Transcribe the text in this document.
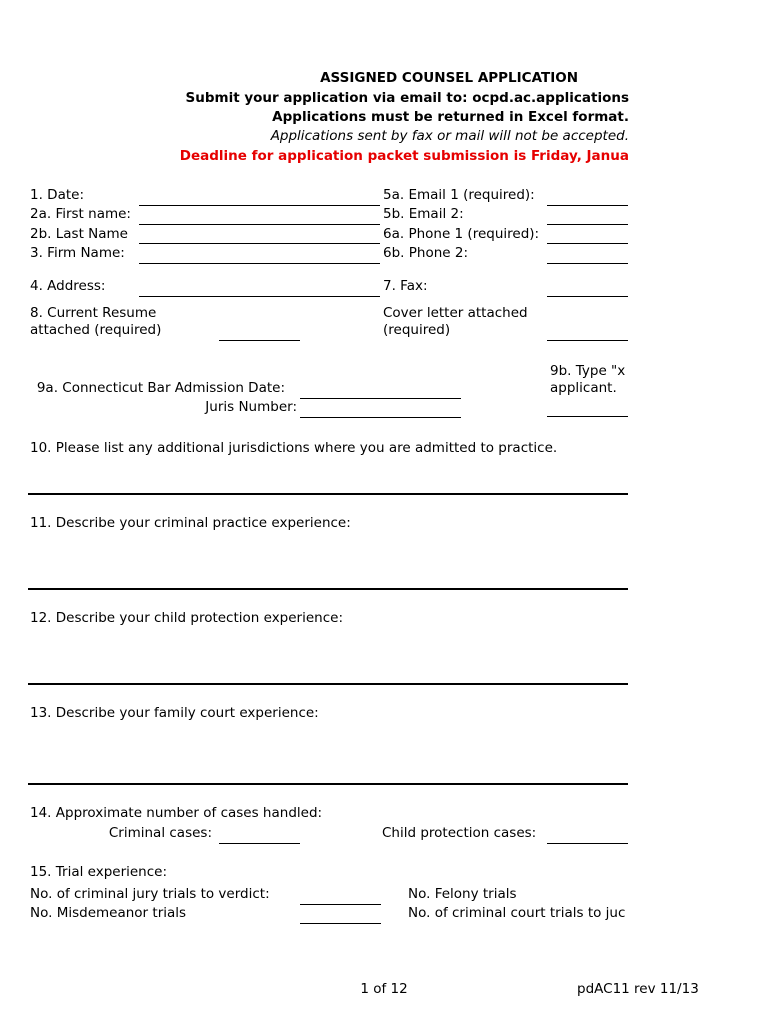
ASSIGNED COUNSEL APPLICATION
Submit your application via email to: ocpd.ac.applications
Applications must be returned in Excel format.
Applications sent by fax or mail will not be accepted.
Deadline for application packet submission is Friday, Janua
1. Date:
2a. First name:
2b. Last Name
3. Firm Name:
4. Address:
8. Current Resume
attached (required)
5a. Email 1 (required):
5b. Email 2:
6a. Phone 1 (required):
6b. Phone 2:
7. Fax:
Cover letter attached
(required)
9b. Type "x
applicant.
9a. Connecticut Bar Admission Date:
Juris Number:
10. Please list any additional jurisdictions where you are admitted to practice.
11. Describe your criminal practice experience:
12. Describe your child protection experience:
13. Describe your family court experience:
14. Approximate number of cases handled:
Criminal cases:	Child protection cases:
15. Trial experience:
No. of criminal jury trials to verdict:
No. Misdemeanor trials
No. Felony trials
No. of criminal court trials to juc
1 of 12	pdAC11 rev 11/13
